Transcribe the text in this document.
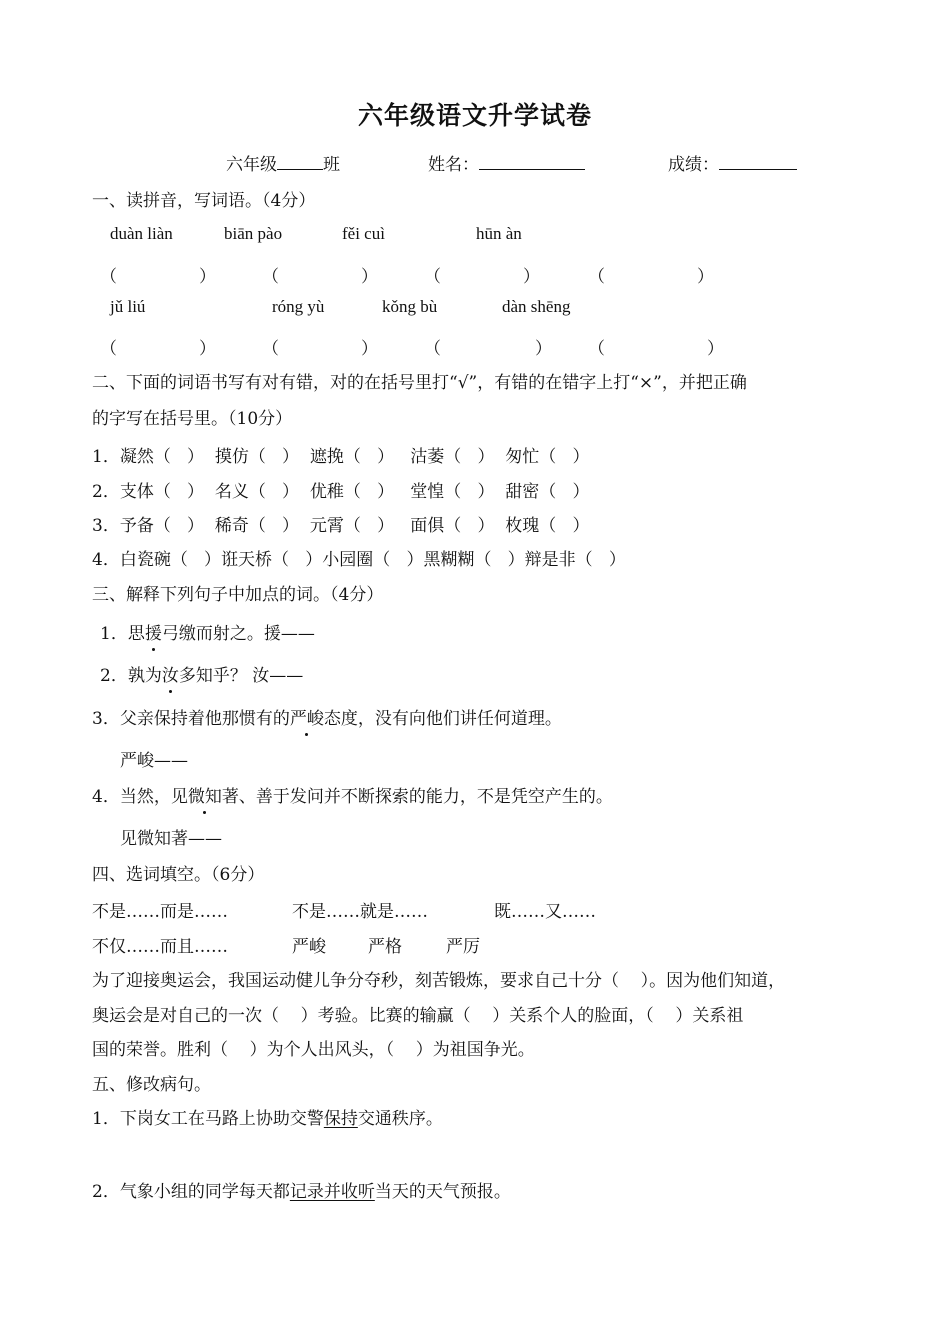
六年级语文升学试卷
六年级	班	姓名：	成绩：
一、读拼音，写词语。（4分）
duàn liàn	biān pào	fěi cuì	hūn àn
（	）	（	）	（	）	（	）
jǔ liú	róng yù	kǒng bù	dàn shēng
（	）	（	）	（	） （	）
二、下面的词语书写有对有错，对的在括号里打“√”，有错的在错字上打“×”，并把正确
的字写在括号里。（10分）
1．凝然（   ）  摸仿（   ）  遮挽（   ）   沽萎（   ）  匆忙（   ）
2．支体（   ）  名义（   ）  优稚（   ）   堂惶（   ）  甜密（   ）
3．予备（   ）  稀奇（   ）  元霄（   ）   面俱（   ）  枚瑰（   ）
4．白瓷碗（   ）诳天桥（   ）小园圈（   ）黑糊糊（   ）辩是非（   ）
三、解释下列句子中加点的词。（4分）
1．思援弓缴而射之。援——
2．孰为汝多知乎？ 汝——
3．父亲保持着他那惯有的严峻态度，没有向他们讲任何道理。
严峻——
4．当然，见微知著、善于发问并不断探索的能力，不是凭空产生的。
见微知著——
四、选词填空。（6分）
不是……而是……	不是……就是……	既……又……
不仅……而且……	严峻 严格	严厉
为了迎接奥运会，我国运动健儿争分夺秒，刻苦锻炼，要求自己十分（    ）。因为他们知道，
奥运会是对自己的一次（    ）考验。比赛的输赢（    ）关系个人的脸面，（    ）关系祖
国的荣誉。胜利（    ）为个人出风头，（    ）为祖国争光。
五、修改病句。
1．下岗女工在马路上协助交警保持交通秩序。
2．气象小组的同学每天都记录并收听当天的天气预报。
